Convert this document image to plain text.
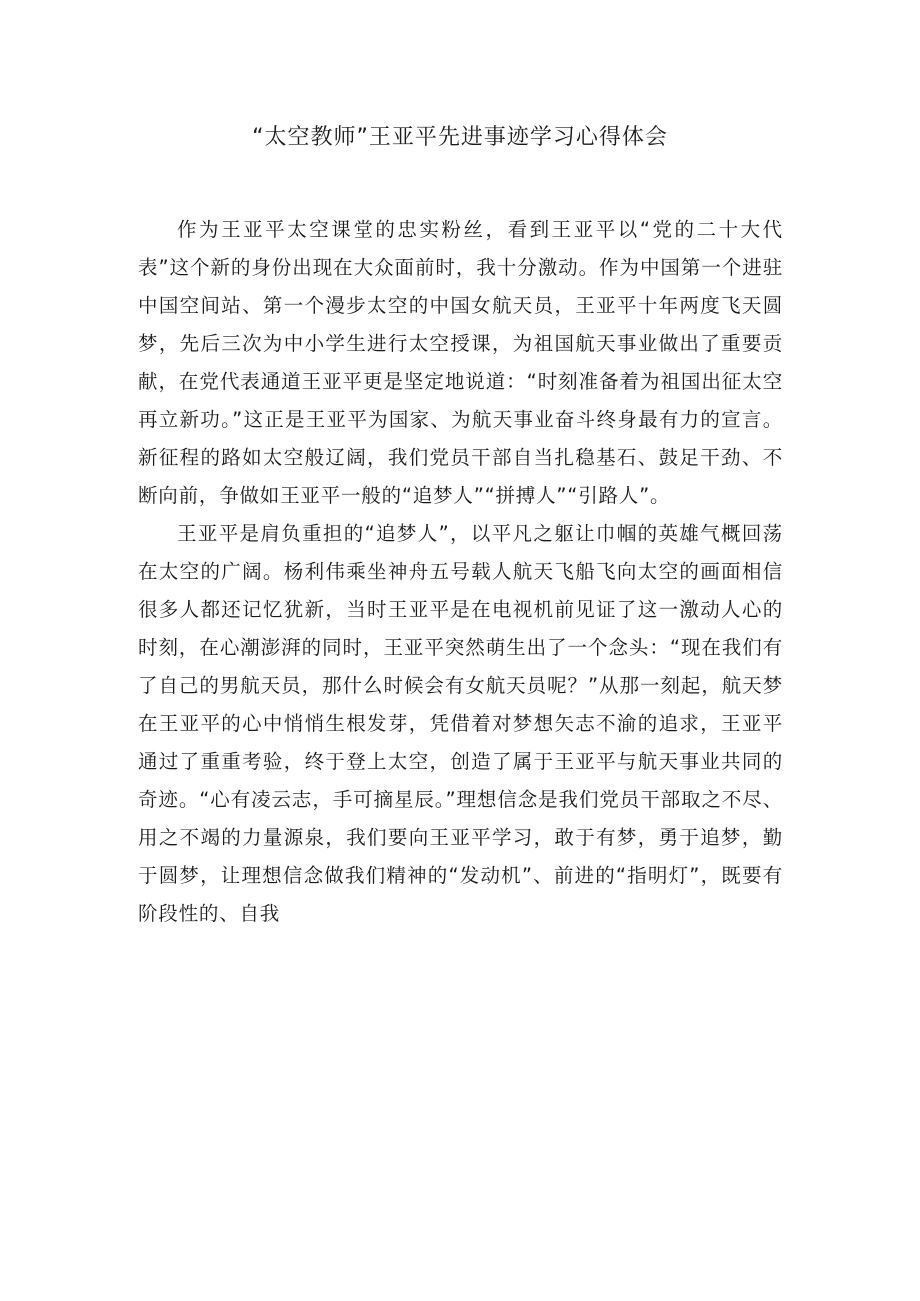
“太空教师”王亚平先进事迹学习心得体会

作为王亚平太空课堂的忠实粉丝，看到王亚平以“党的二十大代表”这个新的身份出现在大众面前时，我十分激动。作为中国第一个进驻中国空间站、第一个漫步太空的中国女航天员，王亚平十年两度飞天圆梦，先后三次为中小学生进行太空授课，为祖国航天事业做出了重要贡献，在党代表通道王亚平更是坚定地说道：“时刻准备着为祖国出征太空再立新功。”这正是王亚平为国家、为航天事业奋斗终身最有力的宣言。新征程的路如太空般辽阔，我们党员干部自当扎稳基石、鼓足干劲、不断向前，争做如王亚平一般的“追梦人”“拼搏人”“引路人”。

王亚平是肩负重担的“追梦人”，以平凡之躯让巾帼的英雄气概回荡在太空的广阔。杨利伟乘坐神舟五号载人航天飞船飞向太空的画面相信很多人都还记忆犹新，当时王亚平是在电视机前见证了这一激动人心的时刻，在心潮澎湃的同时，王亚平突然萌生出了一个念头：“现在我们有了自己的男航天员，那什么时候会有女航天员呢？”从那一刻起，航天梦在王亚平的心中悄悄生根发芽，凭借着对梦想矢志不渝的追求，王亚平通过了重重考验，终于登上太空，创造了属于王亚平与航天事业共同的奇迹。“心有凌云志，手可摘星辰。”理想信念是我们党员干部取之不尽、用之不竭的力量源泉，我们要向王亚平学习，敢于有梦，勇于追梦，勤于圆梦，让理想信念做我们精神的“发动机”、前进的“指明灯”，既要有阶段性的、自我
